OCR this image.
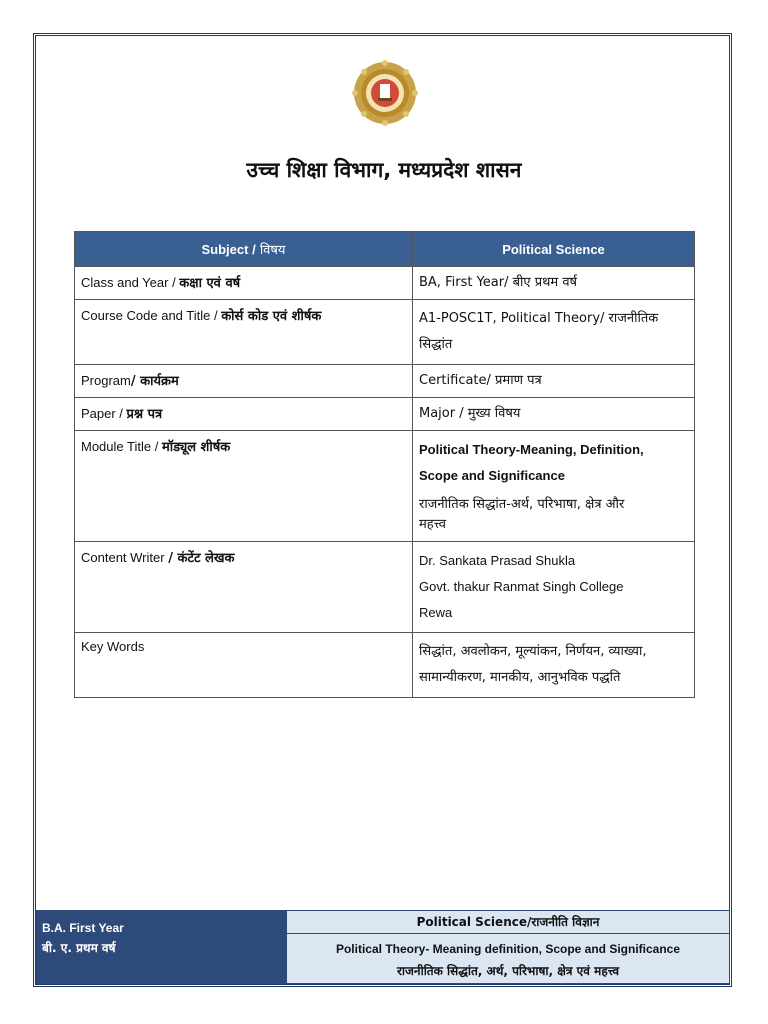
उच्च शिक्षा विभाग, मध्यप्रदेश शासन
Subject / विषय	Political Science
Class and Year / कक्षा एवं वर्ष	BA, First Year/ बीए प्रथम वर्ष

Course Code and Title / कोर्स कोड एवं शीर्षक	A1-POSC1T, Political Theory/ राजनीतिक
सिद्धांत

Program/ कार्यक्रम	Certificate/ प्रमाण पत्र

Paper / प्रश्न पत्र	Major / मुख्य विषय

Module Title / मॉड्यूल शीर्षक	Political Theory-Meaning, Definition,
Scope and Significance
राजनीतिक सिद्धांत-अर्थ, परिभाषा, क्षेत्र और
महत्त्व

Content Writer / कंटेंट लेखक	Dr. Sankata Prasad Shukla
Govt. thakur Ranmat Singh College
Rewa

Key Words	सिद्धांत, अवलोकन, मूल्यांकन, निर्णयन, व्याख्या,
सामान्यीकरण, मानकीय, आनुभविक पद्धति
B.A. First Year
बी. ए. प्रथम वर्ष
Political Science/राजनीति विज्ञान
Political Theory- Meaning definition, Scope and Significance
राजनीतिक सिद्धांत, अर्थ, परिभाषा, क्षेत्र एवं महत्त्व
